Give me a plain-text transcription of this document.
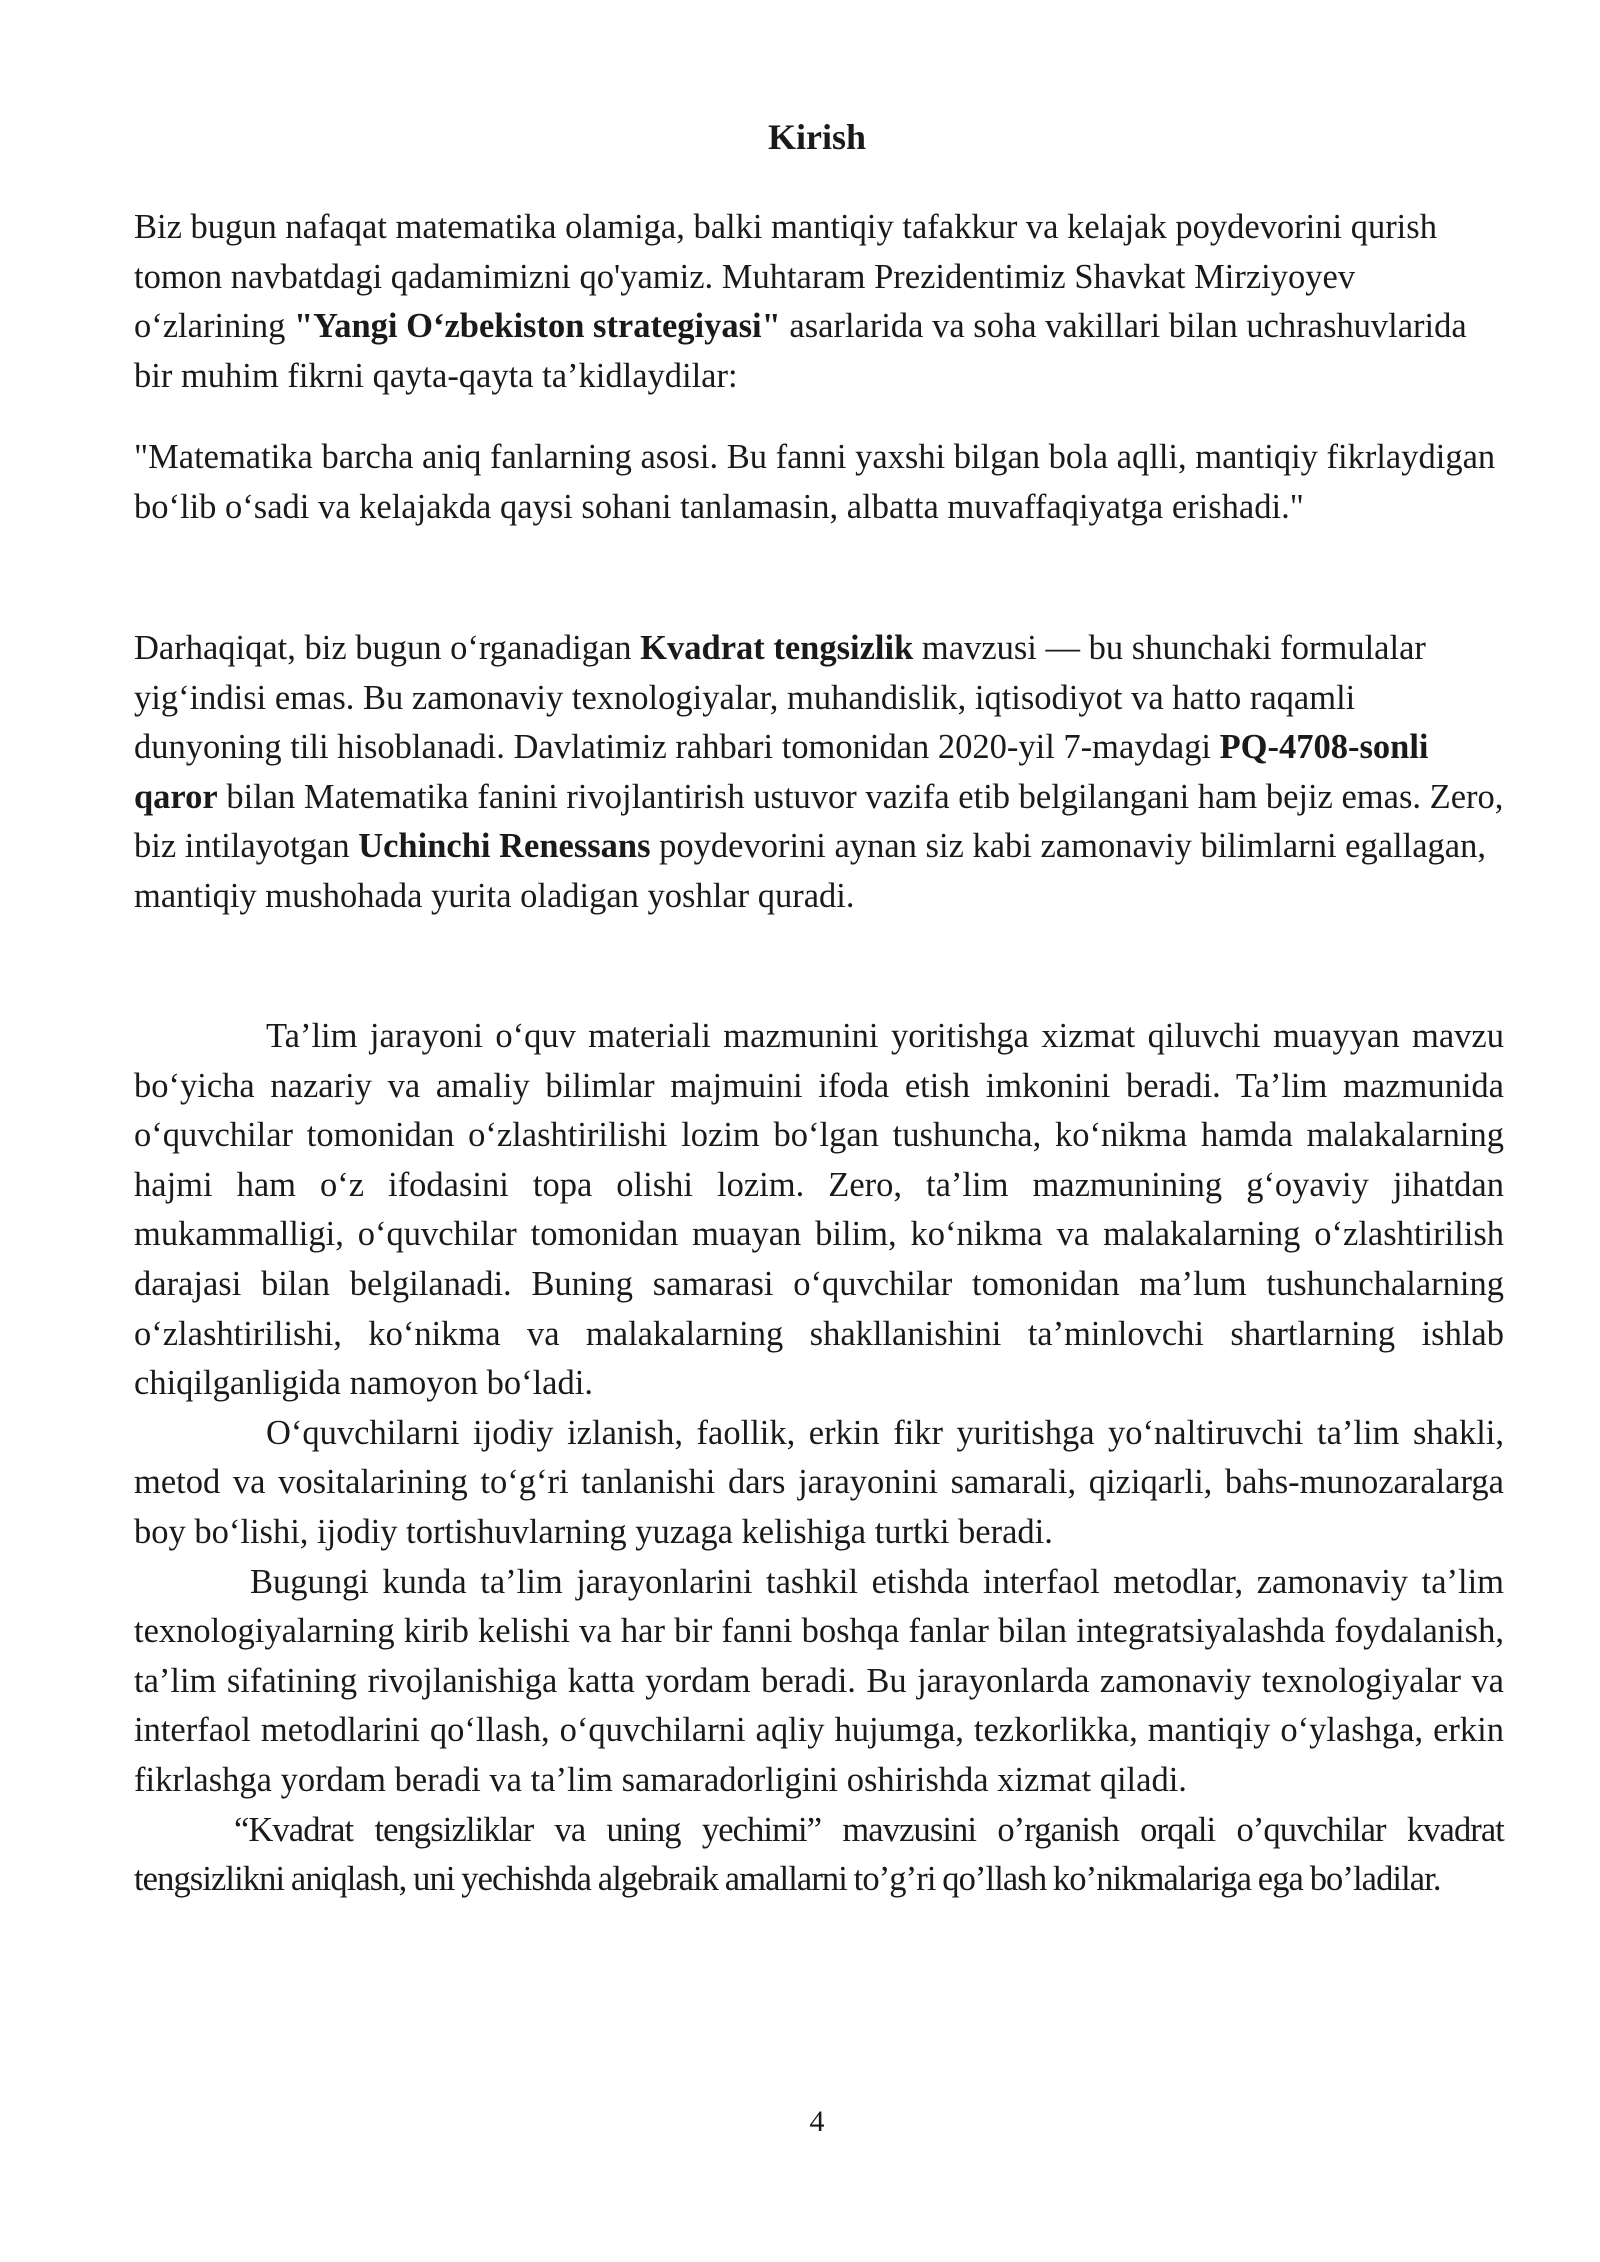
Kirish

Biz bugun nafaqat matematika olamiga, balki mantiqiy tafakkur va kelajak poydevorini qurish tomon navbatdagi qadamimizni qo'yamiz. Muhtaram Prezidentimiz Shavkat Mirziyoyev o‘zlarining "Yangi O‘zbekiston strategiyasi" asarlarida va soha vakillari bilan uchrashuvlarida bir muhim fikrni qayta-qayta ta’kidlaydilar:

"Matematika barcha aniq fanlarning asosi. Bu fanni yaxshi bilgan bola aqlli, mantiqiy fikrlaydigan bo‘lib o‘sadi va kelajakda qaysi sohani tanlamasin, albatta muvaffaqiyatga erishadi."

Darhaqiqat, biz bugun o‘rganadigan Kvadrat tengsizlik mavzusi — bu shunchaki formulalar yig‘indisi emas. Bu zamonaviy texnologiyalar, muhandislik, iqtisodiyot va hatto raqamli dunyoning tili hisoblanadi. Davlatimiz rahbari tomonidan 2020-yil 7-maydagi PQ-4708-sonli qaror bilan Matematika fanini rivojlantirish ustuvor vazifa etib belgilangani ham bejiz emas. Zero, biz intilayotgan Uchinchi Renessans poydevorini aynan siz kabi zamonaviy bilimlarni egallagan, mantiqiy mushohada yurita oladigan yoshlar quradi.

Ta’lim jarayoni o‘quv materiali mazmunini yoritishga xizmat qiluvchi muayyan mavzu bo‘yicha nazariy va amaliy bilimlar majmuini ifoda etish imkonini beradi. Ta’lim mazmunida o‘quvchilar tomonidan o‘zlashtirilishi lozim bo‘lgan tushuncha, ko‘nikma hamda malakalarning hajmi ham o‘z ifodasini topa olishi lozim. Zero, ta’lim mazmunining g‘oyaviy jihatdan mukammalligi, o‘quvchilar tomonidan muayan bilim, ko‘nikma va malakalarning o‘zlashtirilish darajasi bilan belgilanadi. Buning samarasi o‘quvchilar tomonidan ma’lum tushunchalarning o‘zlashtirilishi, ko‘nikma va malakalarning shakllanishini ta’minlovchi shartlarning ishlab chiqilganligida namoyon bo‘ladi.

O‘quvchilarni ijodiy izlanish, faollik, erkin fikr yuritishga yo‘naltiruvchi ta’lim shakli, metod va vositalarining to‘g‘ri tanlanishi dars jarayonini samarali, qiziqarli, bahs-munozaralarga boy bo‘lishi, ijodiy tortishuvlarning yuzaga kelishiga turtki beradi.

Bugungi kunda ta’lim jarayonlarini tashkil etishda interfaol metodlar, zamonaviy ta’lim texnologiyalarning kirib kelishi va har bir fanni boshqa fanlar bilan integratsiyalashda foydalanish, ta’lim sifatining rivojlanishiga katta yordam beradi. Bu jarayonlarda zamonaviy texnologiyalar va interfaol metodlarini qo‘llash, o‘quvchilarni aqliy hujumga, tezkorlikka, mantiqiy o‘ylashga, erkin fikrlashga yordam beradi va ta’lim samaradorligini oshirishda xizmat qiladi.

“Kvadrat tengsizliklar va uning yechimi” mavzusini o’rganish orqali o’quvchilar kvadrat tengsizlikni aniqlash, uni yechishda algebraik amallarni to’g’ri qo’llash ko’nikmalariga ega bo’ladilar.

4
